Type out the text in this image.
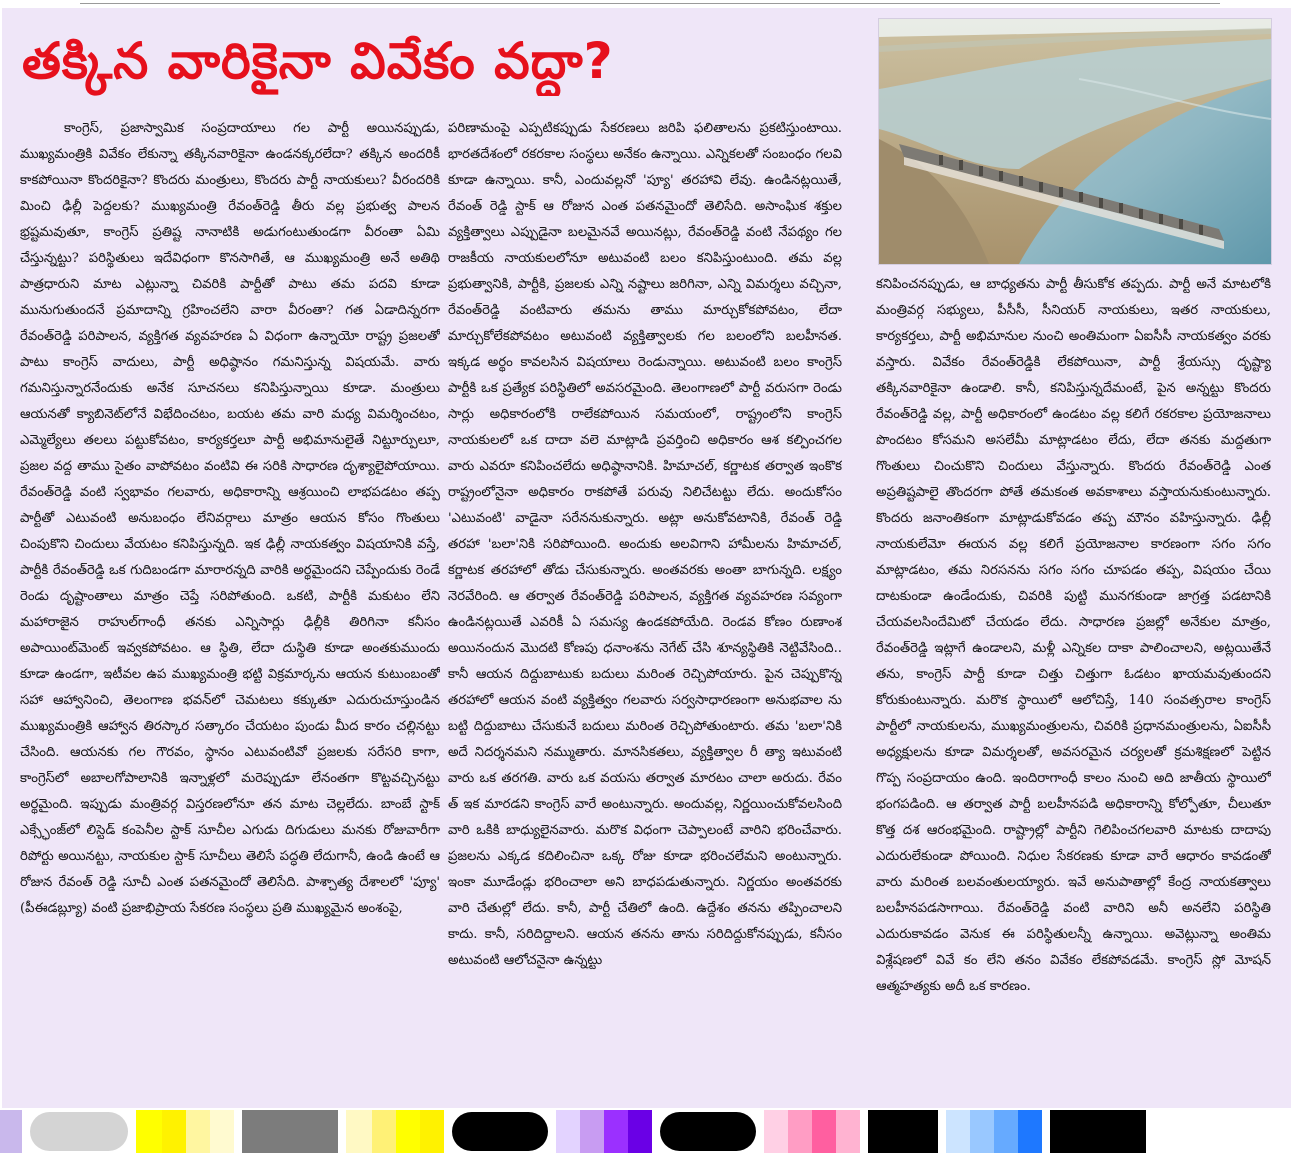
తక్కిన వారికైనా వివేకం వద్దా?
కాంగ్రెస్, ప్రజాస్వామిక సంప్రదాయాలు గల పార్టీ అయినప్పుడు, ముఖ్యమంత్రికి వివేకం లేకున్నా తక్కినవారికైనా ఉండనక్కరలేదా? తక్కిన అందరికీ కాకపోయినా కొందరికైనా? కొందరు మంత్రులు, కొందరు పార్టీ నాయకులు? వీరందరికి మించి ఢిల్లీ పెద్దలకు? ముఖ్యమంత్రి రేవంత్‌రెడ్డి తీరు వల్ల ప్రభుత్వ పాలన భ్రష్టమవుతూ, కాంగ్రెస్ ప్రతిష్ట నానాటికి అడుగంటుతుండగా వీరంతా ఏమి చేస్తున్నట్టు? పరిస్థితులు ఇదేవిధంగా కొనసాగితే, ఆ ముఖ్యమంత్రి అనే అతిథి పాత్రధారుని మాట ఎట్లున్నా చివరికి పార్టీతో పాటు తమ పదవి కూడా మునుగుతుందనే ప్రమాదాన్ని గ్రహించలేని వారా వీరంతా? గత ఏడాదిన్నరగా రేవంత్‌రెడ్డి పరిపాలన, వ్యక్తిగత వ్యవహరణ ఏ విధంగా ఉన్నాయో రాష్ట్ర ప్రజలతో పాటు కాంగ్రెస్ వాదులు, పార్టీ అధిష్ఠానం గమనిస్తున్న విషయమే. వారు గమనిస్తున్నారనేందుకు అనేక సూచనలు కనిపిస్తున్నాయి కూడా. మంత్రులు ఆయనతో క్యాబినెట్‌లోనే విభేదించటం, బయట తమ వారి మధ్య విమర్శించటం, ఎమ్మెల్యేలు తలలు పట్టుకోవటం, కార్యకర్తలూ పార్టీ అభిమానులైతే నిట్టూర్పులూ, ప్రజల వద్ద తాము సైతం వాపోవటం వంటివి ఈ సరికి సాధారణ దృశ్యాలైపోయాయి. రేవంత్‌రెడ్డి వంటి స్వభావం గలవారు, అధికారాన్ని ఆశ్రయించి లాభపడటం తప్ప పార్టీతో ఎటువంటి అనుబంధం లేనివర్గాలు మాత్రం ఆయన కోసం గొంతులు చింపుకొని చిందులు వేయటం కనిపిస్తున్నది. ఇక ఢిల్లీ నాయకత్వం విషయానికి వస్తే, పార్టీకి రేవంత్‌రెడ్డి ఒక గుదిబండగా మారారన్నది వారికి అర్థమైందని చెప్పేందుకు రెండే రెండు దృష్టాంతాలు మాత్రం చెప్తే సరిపోతుంది. ఒకటి, పార్టీకి మకుటం లేని మహారాజైన రాహుల్‌గాంధీ తనకు ఎన్నిసార్లు ఢిల్లీకి తిరిగినా కనీసం అపాయింట్‌మెంట్ ఇవ్వకపోవటం. ఆ స్థితి, లేదా దుస్థితి కూడా అంతకుముందు కూడా ఉండగా, ఇటీవల ఉప ముఖ్యమంత్రి భట్టి విక్రమార్కను ఆయన కుటుంబంతో సహా ఆహ్వానించి, తెలంగాణ భవన్‌లో చెమటలు కక్కుతూ ఎదురుచూస్తుండిన ముఖ్యమంత్రికి ఆహ్వాన తిరస్కార సత్కారం చేయటం పుండు మీద కారం చల్లినట్టు చేసింది. ఆయనకు గల గౌరవం, స్థానం ఎటువంటివో ప్రజలకు సరేసరి కాగా, కాంగ్రెస్‌లో అబాలగోపాలానికి ఇన్నాళ్లలో మరెప్పుడూ లేనంతగా కొట్టవచ్చినట్టు అర్థమైంది. ఇప్పుడు మంత్రివర్గ విస్తరణలోనూ తన మాట చెల్లలేదు. బాంబే స్టాక్ ఎక్స్ఛేంజ్‌లో లిస్టెడ్ కంపెనీల స్టాక్ సూచీల ఎగుడు దిగుడులు మనకు రోజువారీగా రిపోర్టు అయినట్టు, నాయకుల స్టాక్ సూచీలు తెలిసే పద్ధతి లేదుగానీ, ఉండి ఉంటే ఆ రోజున రేవంత్ రెడ్డి సూచీ ఎంత పతనమైందో తెలిసేది. పాశ్చాత్య దేశాలలో 'ప్యూ' (పీఈడబ్ల్యూ) వంటి ప్రజాభిప్రాయ సేకరణ సంస్థలు ప్రతి ముఖ్యమైన అంశంపై,
పరిణామంపై ఎప్పటికప్పుడు సేకరణలు జరిపి ఫలితాలను ప్రకటిస్తుంటాయి. భారతదేశంలో రకరకాల సంస్థలు అనేకం ఉన్నాయి. ఎన్నికలతో సంబంధం గలవి కూడా ఉన్నాయి. కానీ, ఎందువల్లనో 'ప్యూ' తరహావి లేవు. ఉండినట్లయితే, రేవంత్ రెడ్డి స్టాక్ ఆ రోజున ఎంత పతనమైందో తెలిసేది. అసాంఘిక శక్తుల వ్యక్తిత్వాలు ఎప్పుడైనా బలమైనవే అయినట్లు, రేవంత్‌రెడ్డి వంటి నేపథ్యం గల రాజకీయ నాయకులలోనూ అటువంటి బలం కనిపిస్తుంటుంది. తమ వల్ల ప్రభుత్వానికి, పార్టీకి, ప్రజలకు ఎన్ని నష్టాలు జరిగినా, ఎన్ని విమర్శలు వచ్చినా, రేవంత్‌రెడ్డి వంటివారు తమను తాము మార్చుకోకపోవటం, లేదా మార్చుకోలేకపోవటం అటువంటి వ్యక్తిత్వాలకు గల బలంలోని బలహీనత. ఇక్కడ అర్థం కావలసిన విషయాలు రెండున్నాయి. అటువంటి బలం కాంగ్రెస్ పార్టీకి ఒక ప్రత్యేక పరిస్థితిలో అవసరమైంది. తెలంగాణలో పార్టీ వరుసగా రెండు సార్లు అధికారంలోకి రాలేకపోయిన సమయంలో, రాష్ట్రంలోని కాంగ్రెస్ నాయకులలో ఒక దాదా వలె మాట్లాడి ప్రవర్తించి అధికారం ఆశ కల్పించగల వారు ఎవరూ కనిపించలేదు అధిష్ఠానానికి. హిమాచల్, కర్ణాటక తర్వాత ఇంకొక రాష్ట్రంలోనైనా అధికారం రాకపోతే పరువు నిలిచేటట్టు లేదు. అందుకోసం 'ఎటువంటి' వాడైనా సరేననుకున్నారు. అట్లా అనుకోవటానికి, రేవంత్ రెడ్డి తరహా 'బలా'నికి సరిపోయింది. అందుకు అలవిగాని హామీలను హిమాచల్, కర్ణాటక తరహాలో తోడు చేసుకున్నారు. అంతవరకు అంతా బాగున్నది. లక్ష్యం నెరవేరింది. ఆ తర్వాత రేవంత్‌రెడ్డి పరిపాలన, వ్యక్తిగత వ్యవహరణ సవ్యంగా ఉండినట్లయితే ఎవరికీ ఏ సమస్య ఉండకపోయేది. రెండవ కోణం రుణాంశ అయినందున మొదటి కోణపు ధనాంశను నెగేట్ చేసి శూన్యస్థితికి నెట్టివేసింది.. కానీ ఆయన దిద్దుబాటుకు బదులు మరింత రెచ్చిపోయారు. పైన చెప్పుకొన్న తరహాలో ఆయన వంటి వ్యక్తిత్వం గలవారు సర్వసాధారణంగా అనుభవాల ను బట్టి దిద్దుబాటు చేసుకునే బదులు మరింత రెచ్చిపోతుంటారు. తమ 'బలా'నికి అదే నిదర్శనమని నమ్ముతారు. మానసికతలు, వ్యక్తిత్వాల రీ త్యా ఇటువంటి వారు ఒక తరగతి. వారు ఒక వయసు తర్వాత మారటం చాలా అరుదు. రేవం త్ ఇక మారడని కాంగ్రెస్ వారే అంటున్నారు. అందువల్ల, నిర్ణయించుకోవలసింది వారి ఒకికి బాధ్యులైనవారు. మరొక విధంగా చెప్పాలంటే వారిని భరించేవారు. ప్రజలను ఎక్కడ కదిలించినా ఒక్క రోజు కూడా భరించలేమని అంటున్నారు. ఇంకా మూడేండ్లు భరించాలా అని బాధపడుతున్నారు. నిర్ణయం అంతవరకు వారి చేతుల్లో లేదు. కానీ, పార్టీ చేతిలో ఉంది. ఉద్దేశం తనను తప్పించాలని కాదు. కానీ, సరిదిద్దాలని. ఆయన తనను తాను సరిదిద్దుకోనప్పుడు, కనీసం అటువంటి ఆలోచనైనా ఉన్నట్టు
కనిపించనప్పుడు, ఆ బాధ్యతను పార్టీ తీసుకోక తప్పదు. పార్టీ అనే మాటలోకి మంత్రివర్గ సభ్యులు, పీసీసీ, సీనియర్ నాయకులు, ఇతర నాయకులు, కార్యకర్తలు, పార్టీ అభిమానుల నుంచి అంతిమంగా ఏఐసీసీ నాయకత్వం వరకు వస్తారు. వివేకం రేవంత్‌రెడ్డికి లేకపోయినా, పార్టీ శ్రేయస్సు దృష్ట్యా తక్కినవారికైనా ఉండాలి. కానీ, కనిపిస్తున్నదేమంటే, పైన అన్నట్టు కొందరు రేవంత్‌రెడ్డి వల్ల, పార్టీ అధికారంలో ఉండటం వల్ల కలిగే రకరకాల ప్రయోజనాలు పొందటం కోసమని అసలేమీ మాట్లాడటం లేదు, లేదా తనకు మద్దతుగా గొంతులు చించుకొని చిందులు వేస్తున్నారు. కొందరు రేవంత్‌రెడ్డి ఎంత అప్రతిష్టపాలై తొందరగా పోతే తమకంత అవకాశాలు వస్తాయనుకుంటున్నారు. కొందరు జనాంతికంగా మాట్లాడుకోవడం తప్ప మౌనం వహిస్తున్నారు. ఢిల్లీ నాయకులేమో ఈయన వల్ల కలిగే ప్రయోజనాల కారణంగా సగం సగం మాట్లాడటం, తమ నిరసనను సగం సగం చూపడం తప్ప, విషయం చేయి దాటకుండా ఉండేందుకు, చివరికి పుట్టి మునగకుండా జాగ్రత్త పడటానికి చేయవలసిందేమిటో చేయడం లేదు. సాధారణ ప్రజల్లో అనేకుల మాత్రం, రేవంత్‌రెడ్డి ఇట్లాగే ఉండాలని, మళ్లీ ఎన్నికల దాకా పాలించాలని, అట్లయితేనే తను, కాంగ్రెస్ పార్టీ కూడా చిత్తు చిత్తుగా ఓడటం ఖాయమవుతుందని కోరుకుంటున్నారు. మరొక స్థాయిలో ఆలోచిస్తే, 140 సంవత్సరాల కాంగ్రెస్ పార్టీలో నాయకులను, ముఖ్యమంత్రులను, చివరికి ప్రధానమంత్రులను, ఏఐసీసీ అధ్యక్షులను కూడా విమర్శలతో, అవసరమైన చర్యలతో క్రమశిక్షణలో పెట్టిన గొప్ప సంప్రదాయం ఉంది. ఇందిరాగాంధీ కాలం నుంచి అది జాతీయ స్థాయిలో భంగపడింది. ఆ తర్వాత పార్టీ బలహీనపడి అధికారాన్ని కోల్పోతూ, చీలుతూ కొత్త దశ ఆరంభమైంది. రాష్ట్రాల్లో పార్టీని గెలిపించగలవారి మాటకు దాదాపు ఎదురులేకుండా పోయింది. నిధుల సేకరణకు కూడా వారే ఆధారం కావడంతో వారు మరింత బలవంతులయ్యారు. ఇవే అనుపాతాల్లో కేంద్ర నాయకత్వాలు బలహీనపడసాగాయి. రేవంత్‌రెడ్డి వంటి వారిని అనీ అనలేని పరిస్థితి ఎదురుకావడం వెనుక ఈ పరిస్థితులన్నీ ఉన్నాయి. అవెట్లున్నా అంతిమ విశ్లేషణలో వివే కం లేని తనం వివేకం లేకపోవడమే. కాంగ్రెస్ స్లో మోషన్ ఆత్మహత్యకు అదీ ఒక కారణం.
